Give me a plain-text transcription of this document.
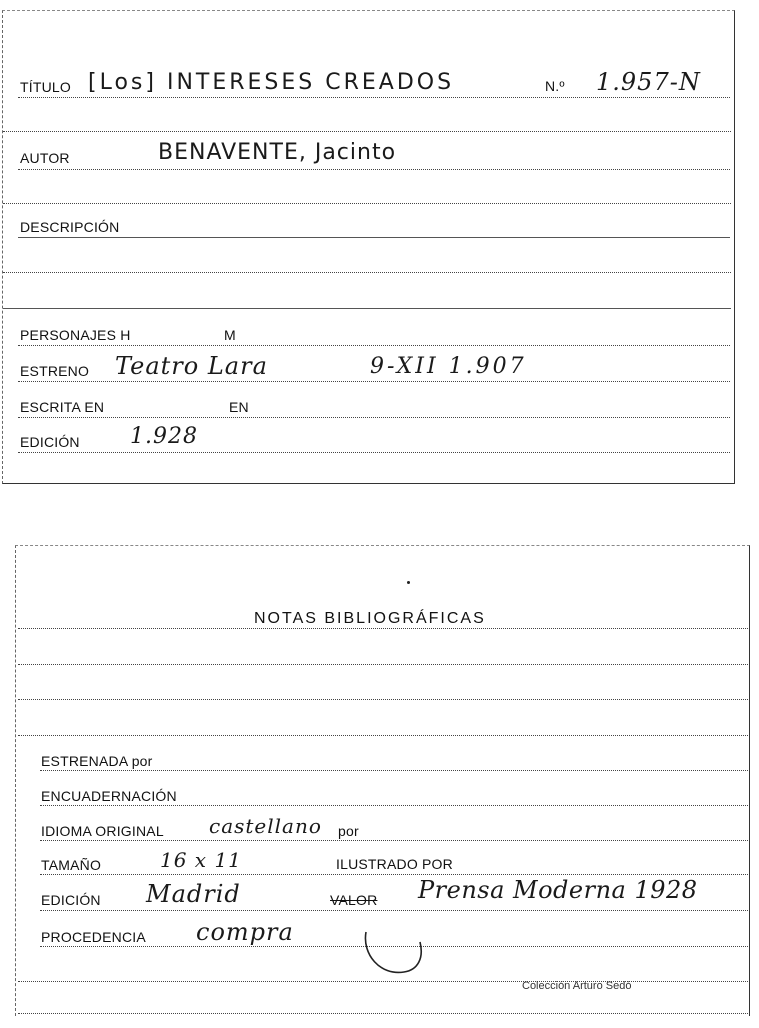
TÍTULO [Los] INTERESES CREADOS	N.º 1.957-N
AUTOR	BENAVENTE, Jacinto
DESCRIPCIÓN
PERSONAJES H	M
ESTRENO Teatro Lara	9-XII 1.907
ESCRITA EN	EN
EDICIÓN 1.928
NOTAS BIBLIOGRÁFICAS
ESTRENADA por
ENCUADERNACIÓN
IDIOMA ORIGINAL castellano por
TAMAÑO	16 x 11	ILUSTRADO POR
EDICIÓN Madrid	VALOR Prensa Moderna 1928
PROCEDENCIA compra
Colección Arturo Sedó
